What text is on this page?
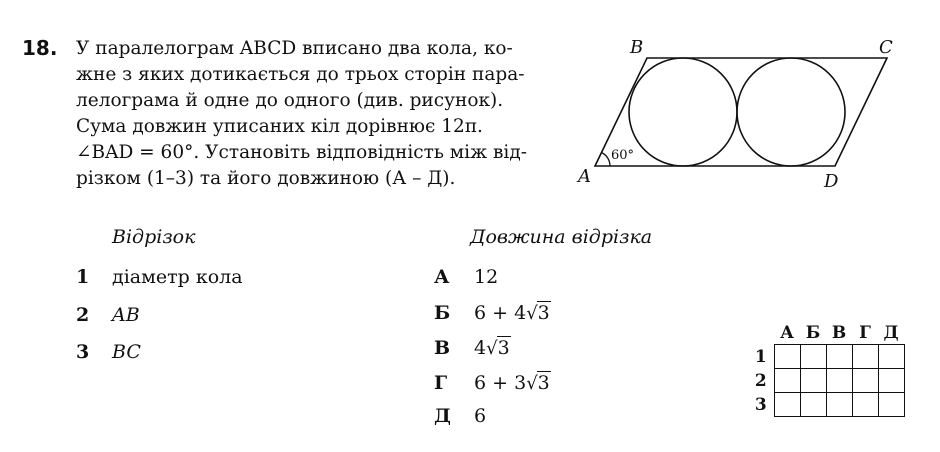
18. У паралелограм ABCD вписано два кола, ко-
жне з яких дотикається до трьох сторін пара-
лелограма й одне до одного (див. рисунок).
Сума довжин уписаних кіл дорівнює 12π.
∠BAD = 60°. Установіть відповідність між від-
різком (1–3) та його довжиною (А – Д).
60°
B	C
A	D
Відрізок
1 діаметр кола
2 AB
3 BC
Довжина відрізка
А 12
Б 6 + 4√3
В 4√3
Г 6 + 3√3
Д 6
	А	Б	В	Г	Д
1					
2					
3					
